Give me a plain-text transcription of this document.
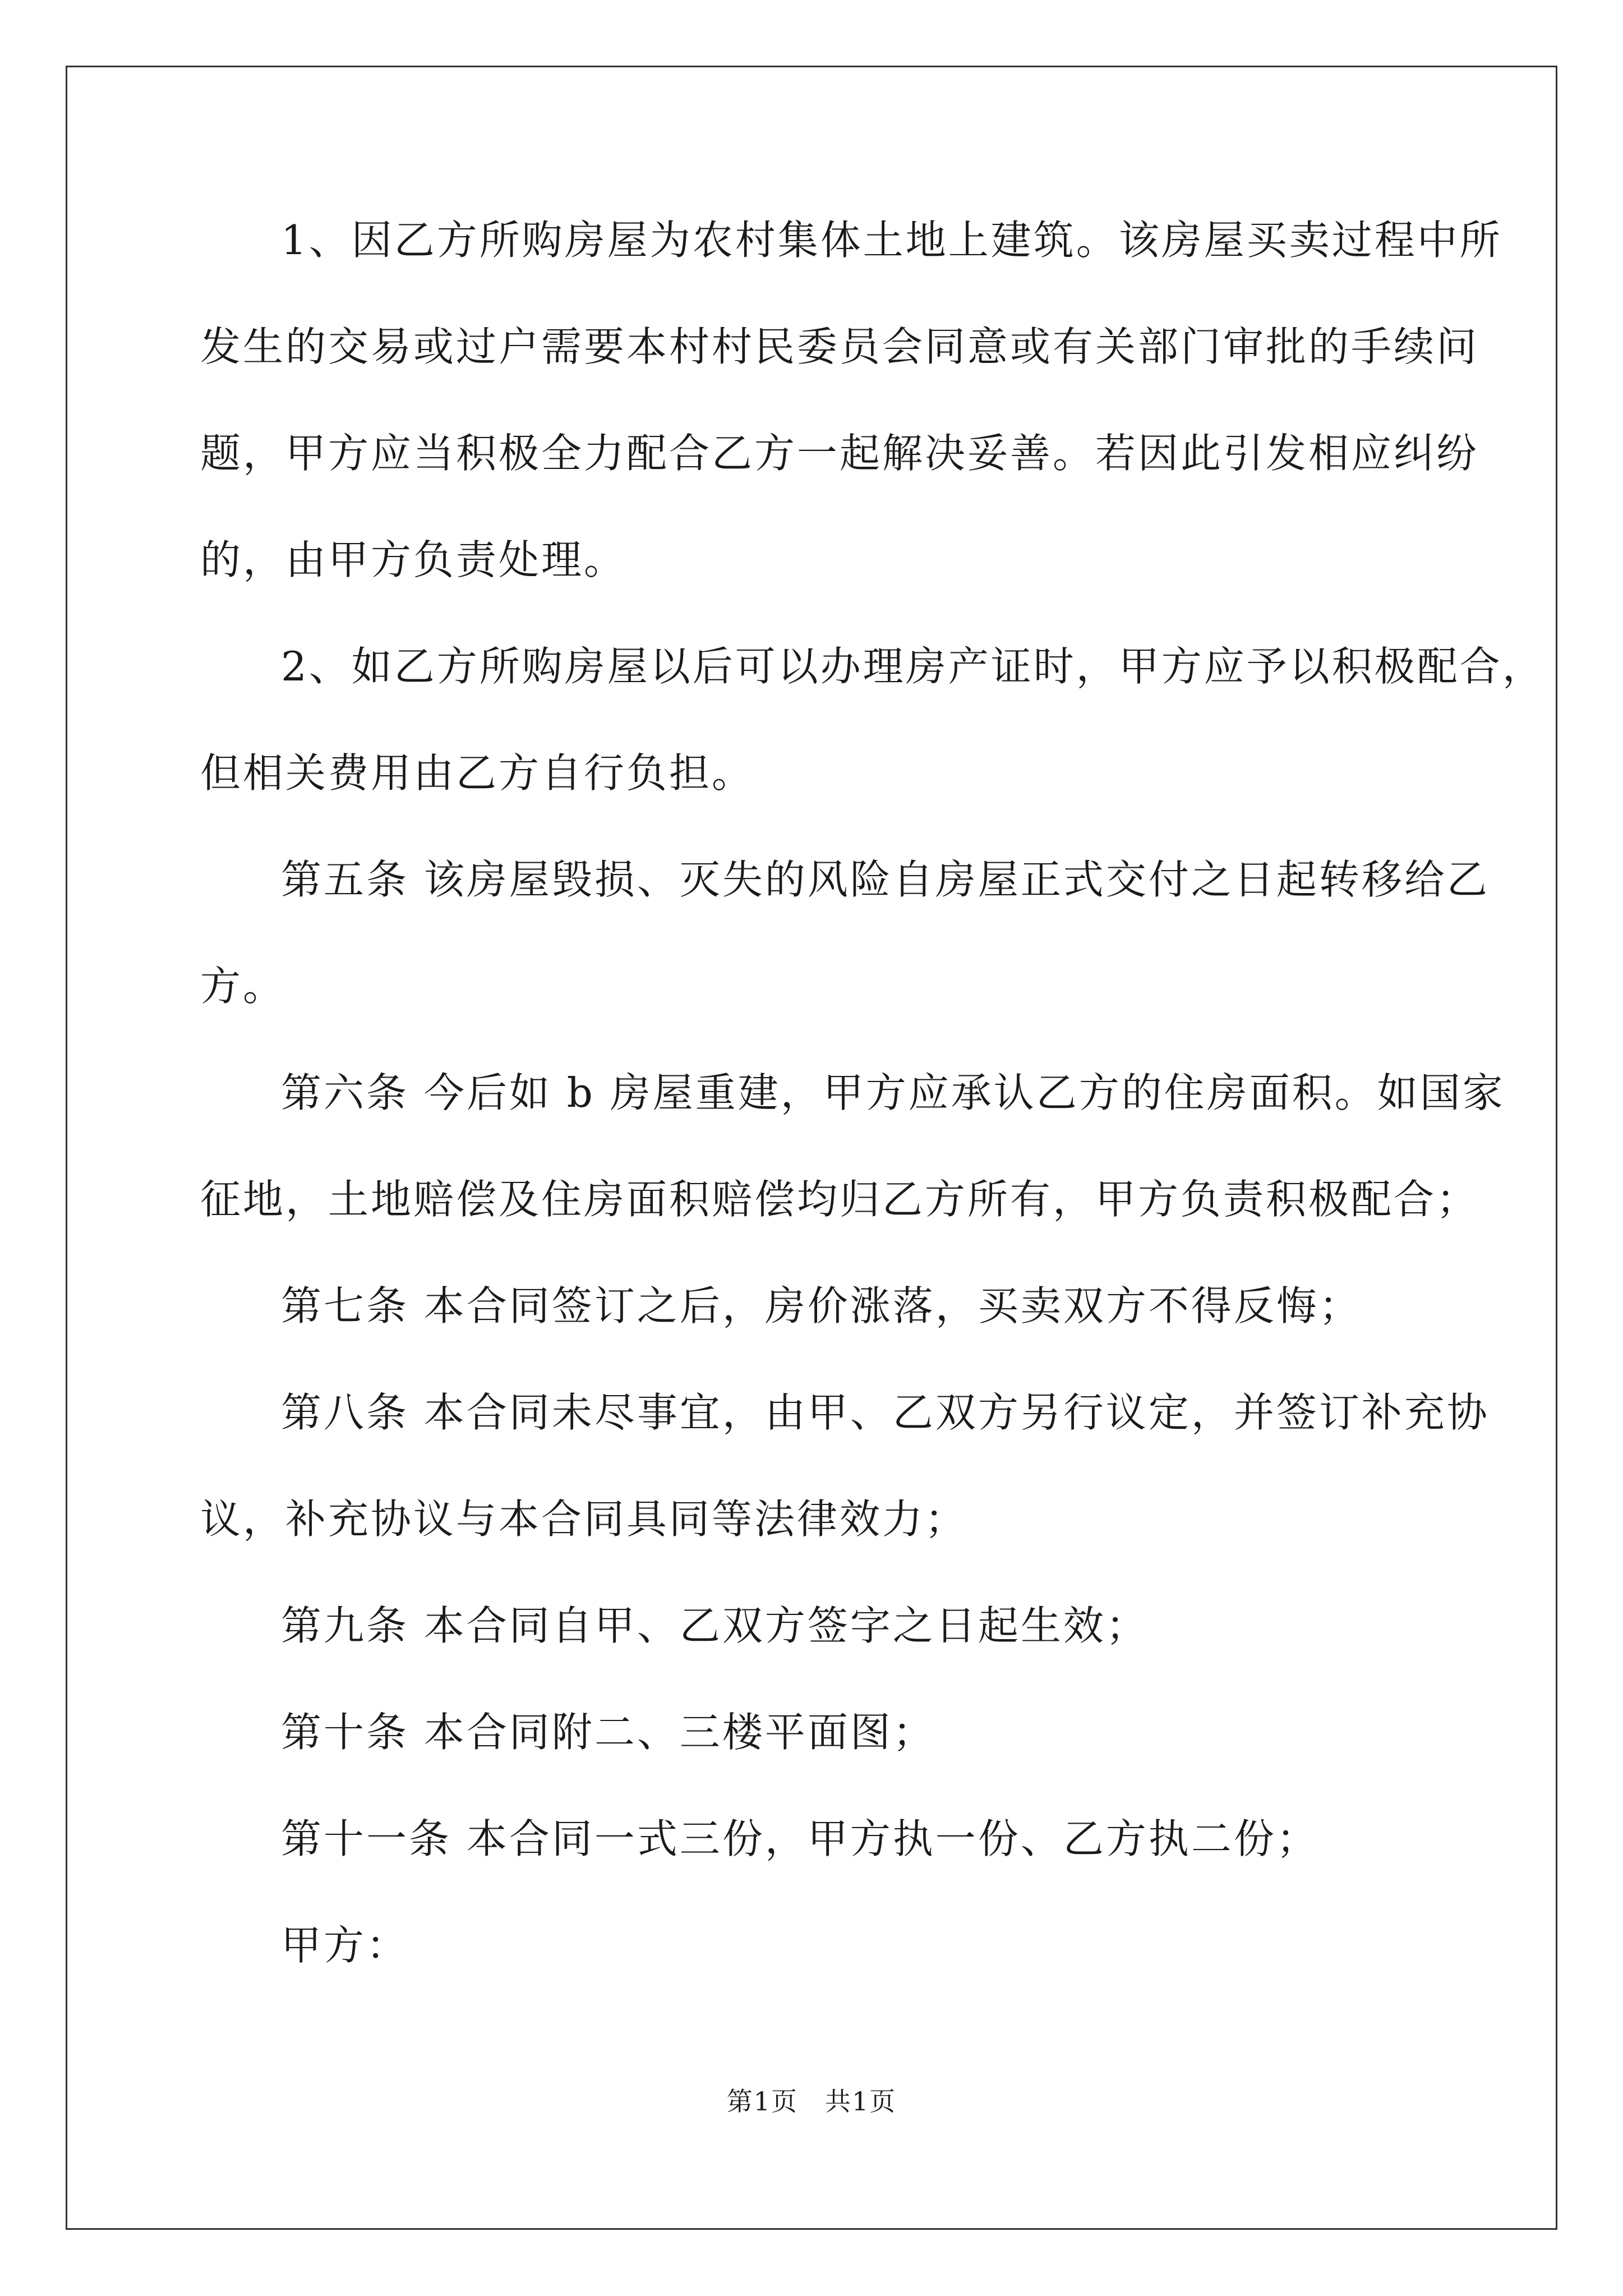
1、因乙方所购房屋为农村集体土地上建筑。该房屋买卖过程中所
发生的交易或过户需要本村村民委员会同意或有关部门审批的手续问
题，甲方应当积极全力配合乙方一起解决妥善。若因此引发相应纠纷
的，由甲方负责处理。
2、如乙方所购房屋以后可以办理房产证时，甲方应予以积极配合，
但相关费用由乙方自行负担。
第五条 该房屋毁损、灭失的风险自房屋正式交付之日起转移给乙
方。
第六条 今后如 b 房屋重建，甲方应承认乙方的住房面积。如国家
征地，土地赔偿及住房面积赔偿均归乙方所有，甲方负责积极配合；
第七条 本合同签订之后，房价涨落，买卖双方不得反悔；
第八条 本合同未尽事宜，由甲、乙双方另行议定，并签订补充协
议，补充协议与本合同具同等法律效力；
第九条 本合同自甲、乙双方签字之日起生效；
第十条 本合同附二、三楼平面图；
第十一条 本合同一式三份，甲方执一份、乙方执二份；
甲方：
第1页　共1页
